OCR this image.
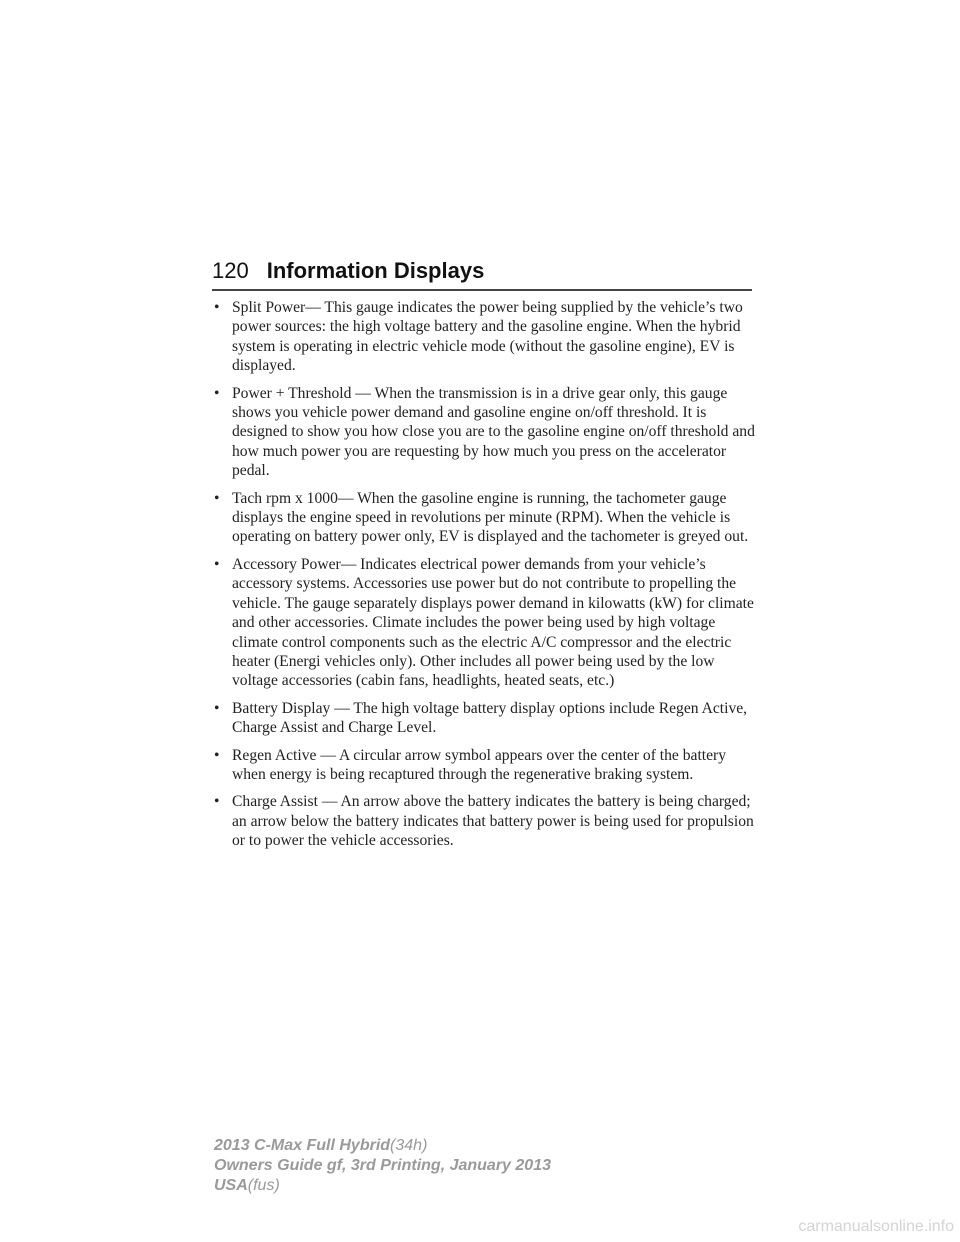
120 Information Displays
• Split Power— This gauge indicates the power being supplied by the vehicle’s two power sources: the high voltage battery and the gasoline engine. When the hybrid system is operating in electric vehicle mode (without the gasoline engine), EV is displayed.
• Power + Threshold — When the transmission is in a drive gear only, this gauge shows you vehicle power demand and gasoline engine on/off threshold. It is designed to show you how close you are to the gasoline engine on/off threshold and how much power you are requesting by how much you press on the accelerator pedal.
• Tach rpm x 1000— When the gasoline engine is running, the tachometer gauge displays the engine speed in revolutions per minute (RPM). When the vehicle is operating on battery power only, EV is displayed and the tachometer is greyed out.
• Accessory Power— Indicates electrical power demands from your vehicle’s accessory systems. Accessories use power but do not contribute to propelling the vehicle. The gauge separately displays power demand in kilowatts (kW) for climate and other accessories. Climate includes the power being used by high voltage climate control components such as the electric A/C compressor and the electric heater (Energi vehicles only). Other includes all power being used by the low voltage accessories (cabin fans, headlights, heated seats, etc.)
• Battery Display — The high voltage battery display options include Regen Active, Charge Assist and Charge Level.
• Regen Active — A circular arrow symbol appears over the center of the battery when energy is being recaptured through the regenerative braking system.
• Charge Assist — An arrow above the battery indicates the battery is being charged; an arrow below the battery indicates that battery power is being used for propulsion or to power the vehicle accessories.
2013 C-Max Full Hybrid(34h)
Owners Guide gf, 3rd Printing, January 2013
USA(fus)
carmanualsonline.info
